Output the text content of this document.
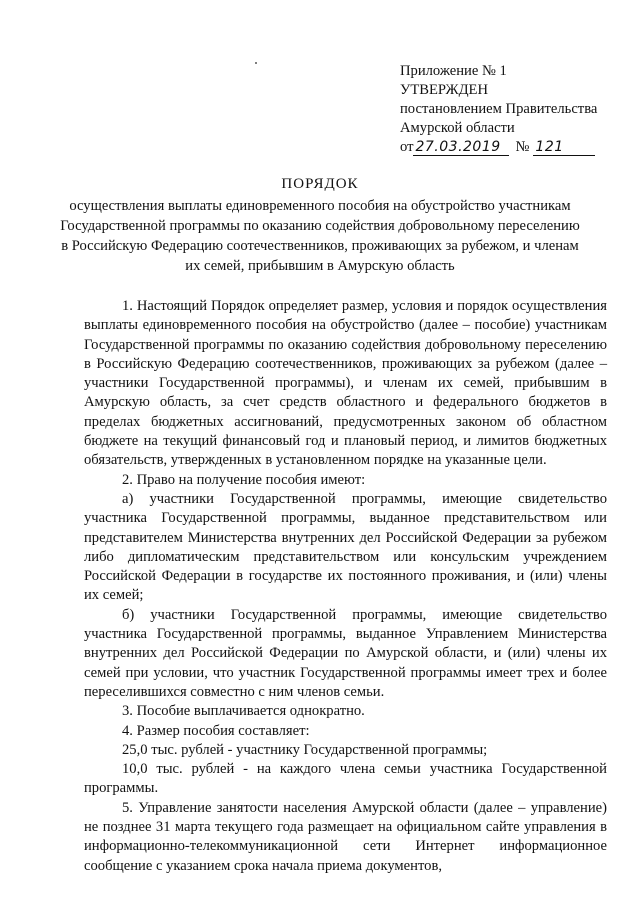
Приложение № 1
УТВЕРЖДЕН
постановлением Правительства
Амурской области
от 27.03.2019	№ 121
ПОРЯДОК
осуществления выплаты единовременного пособия на обустройство участникам Государственной программы по оказанию содействия добровольному переселению в Российскую Федерацию соотечественников, проживающих за рубежом, и членам их семей, прибывшим в Амурскую область

1. Настоящий Порядок определяет размер, условия и порядок осуществления выплаты единовременного пособия на обустройство (далее – пособие) участникам Государственной программы по оказанию содействия добровольному переселению в Российскую Федерацию соотечественников, проживающих за рубежом (далее – участники Государственной программы), и членам их семей, прибывшим в Амурскую область, за счет средств областного и федерального бюджетов в пределах бюджетных ассигнований, предусмотренных законом об областном бюджете на текущий финансовый год и плановый период, и лимитов бюджетных обязательств, утвержденных в установленном порядке на указанные цели.

2. Право на получение пособия имеют:

а) участники Государственной программы, имеющие свидетельство участника Государственной программы, выданное представительством или представителем Министерства внутренних дел Российской Федерации за рубежом либо дипломатическим представительством или консульским учреждением Российской Федерации в государстве их постоянного проживания, и (или) члены их семей;

б) участники Государственной программы, имеющие свидетельство участника Государственной программы, выданное Управлением Министерства внутренних дел Российской Федерации по Амурской области, и (или) члены их семей при условии, что участник Государственной программы имеет трех и более переселившихся совместно с ним членов семьи.

3. Пособие выплачивается однократно.

4. Размер пособия составляет:

25,0 тыс. рублей - участнику Государственной программы;

10,0 тыс. рублей - на каждого члена семьи участника Государственной программы.

5. Управление занятости населения Амурской области (далее – управление) не позднее 31 марта текущего года размещает на официальном сайте управления в информационно-телекоммуникационной сети Интернет информационное сообщение с указанием срока начала приема документов,
